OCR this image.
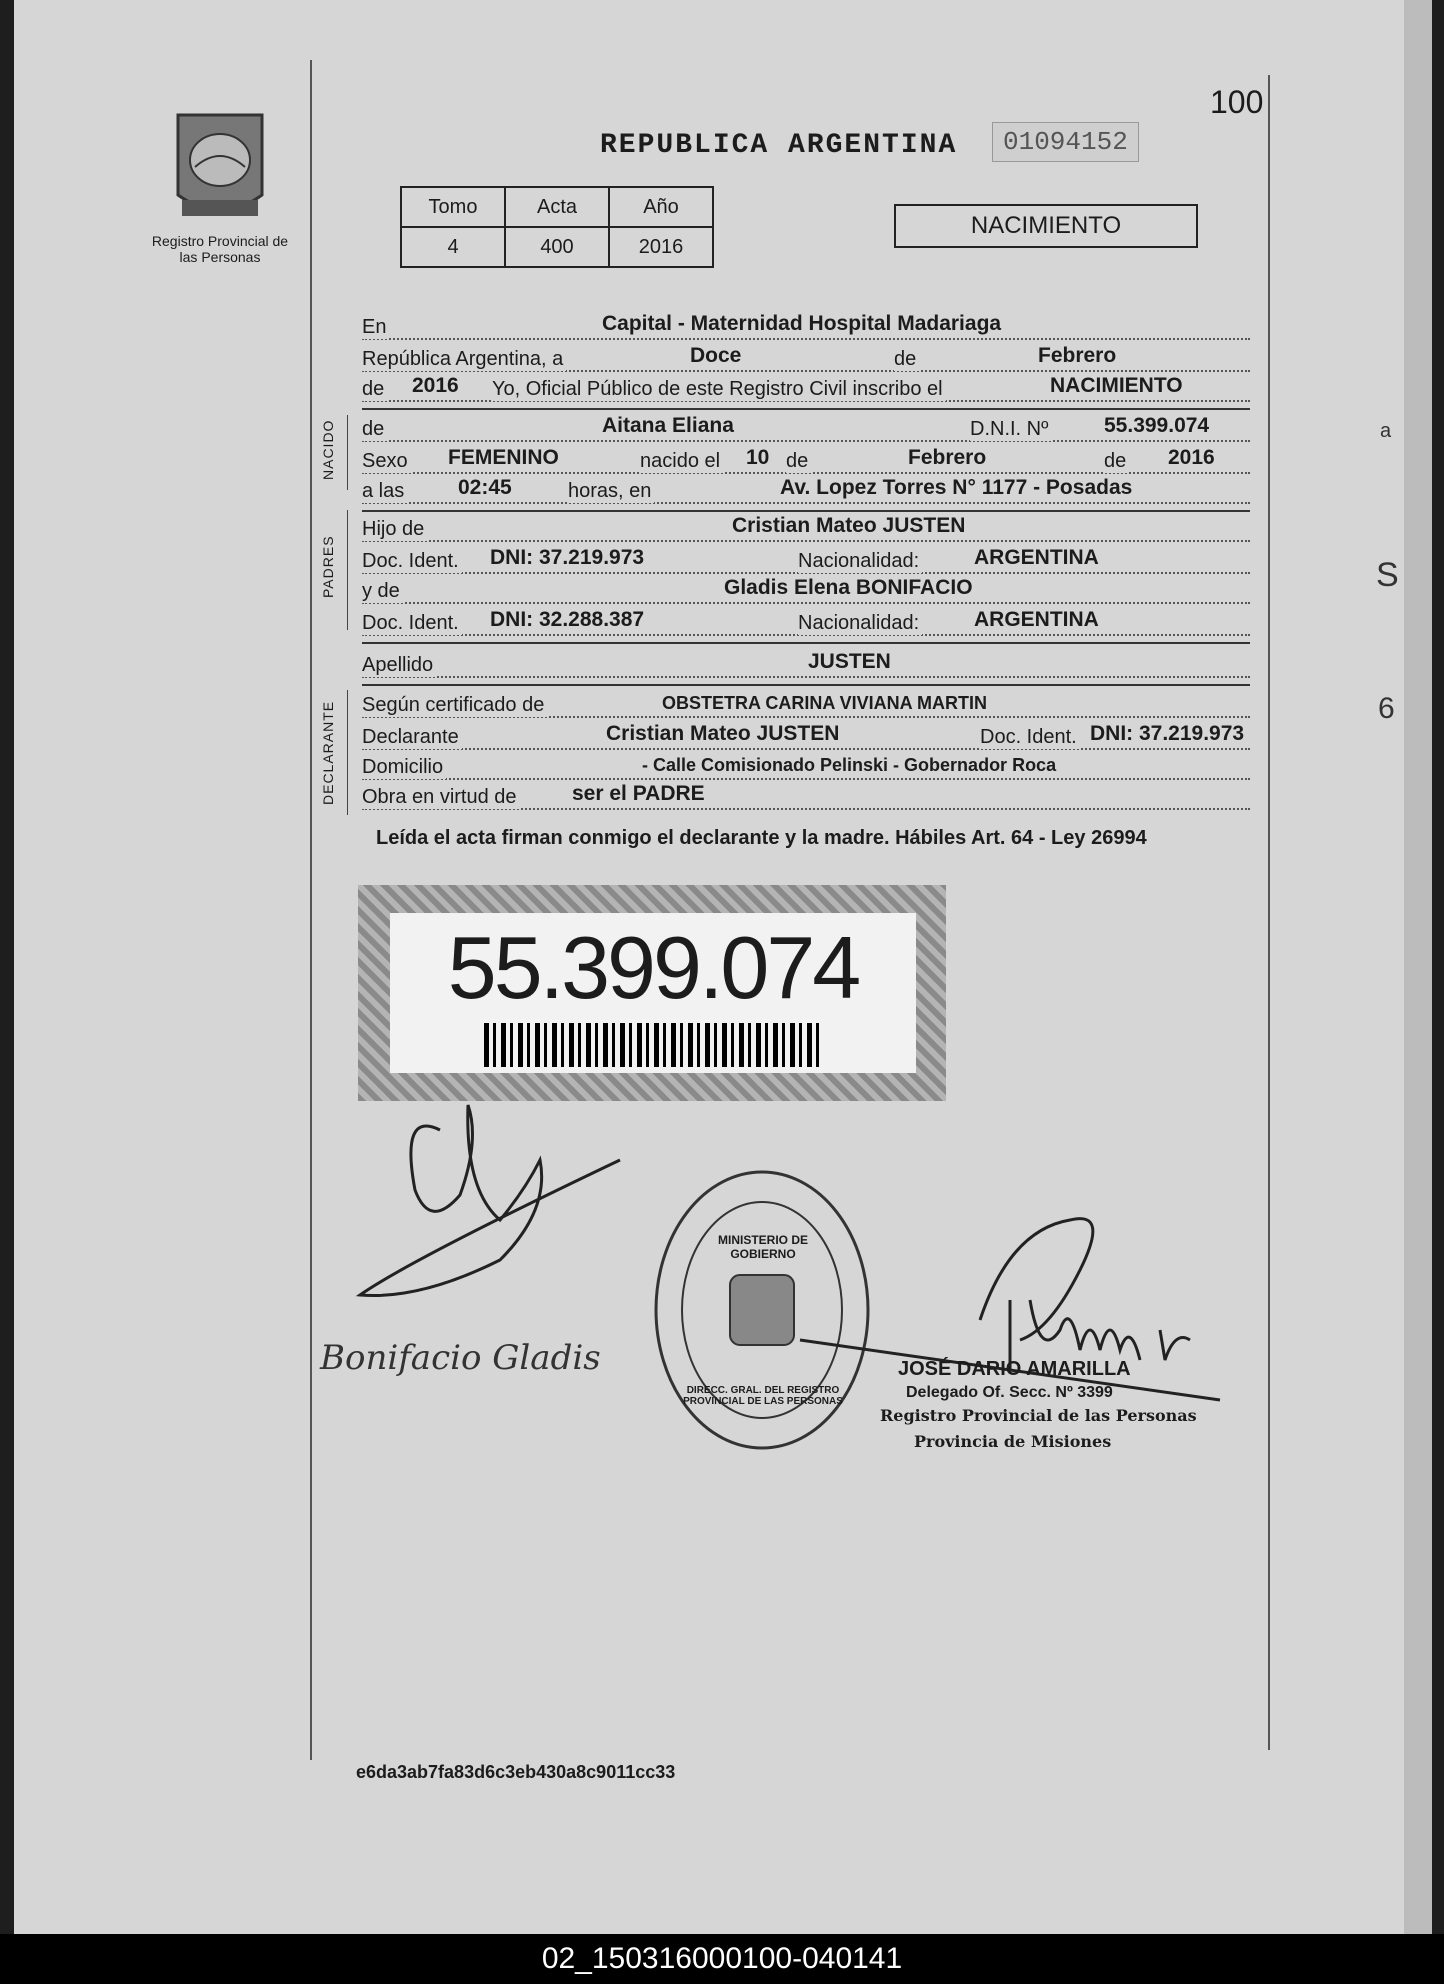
Registro Provincial de las Personas
100
REPUBLICA ARGENTINA	01094152
Tomo	Acta	Año
4	400	2016
NACIMIENTO
NACIDO
PADRES
DECLARANTE
En	Capital - Maternidad Hospital Madariaga
República Argentina, a	Doce	de	Febrero
de 2016 Yo, Oficial Público de este Registro Civil inscribo el	NACIMIENTO
de	Aitana Eliana	D.N.I. Nº	55.399.074
Sexo FEMENINO	nacido el 10 de	Febrero	de 2016
a las	02:45	horas, en	Av. Lopez Torres N° 1177 - Posadas
Hijo de	Cristian Mateo JUSTEN
Doc. Ident. DNI: 37.219.973	Nacionalidad:	ARGENTINA
y de	Gladis Elena BONIFACIO
Doc. Ident. DNI: 32.288.387	Nacionalidad:	ARGENTINA
Apellido	JUSTEN
Según certificado de	OBSTETRA CARINA VIVIANA MARTIN
Declarante	Cristian Mateo JUSTEN	Doc. Ident. DNI: 37.219.973
Domicilio	- Calle Comisionado Pelinski - Gobernador Roca
Obra en virtud de	ser el PADRE
Leída el acta firman conmigo el declarante y la madre. Hábiles Art. 64 - Ley 26994
55.399.074
Bonifacio Gladis
MINISTERIO DE GOBIERNO
DIRECC. GRAL. DEL REGISTRO PROVINCIAL DE LAS PERSONAS
JOSÉ DARIO AMARILLA
Delegado Of. Secc. Nº 3399
Registro Provincial de las Personas
Provincia de Misiones
e6da3ab7fa83d6c3eb430a8c9011cc33
a
S
6
02_150316000100-040141
